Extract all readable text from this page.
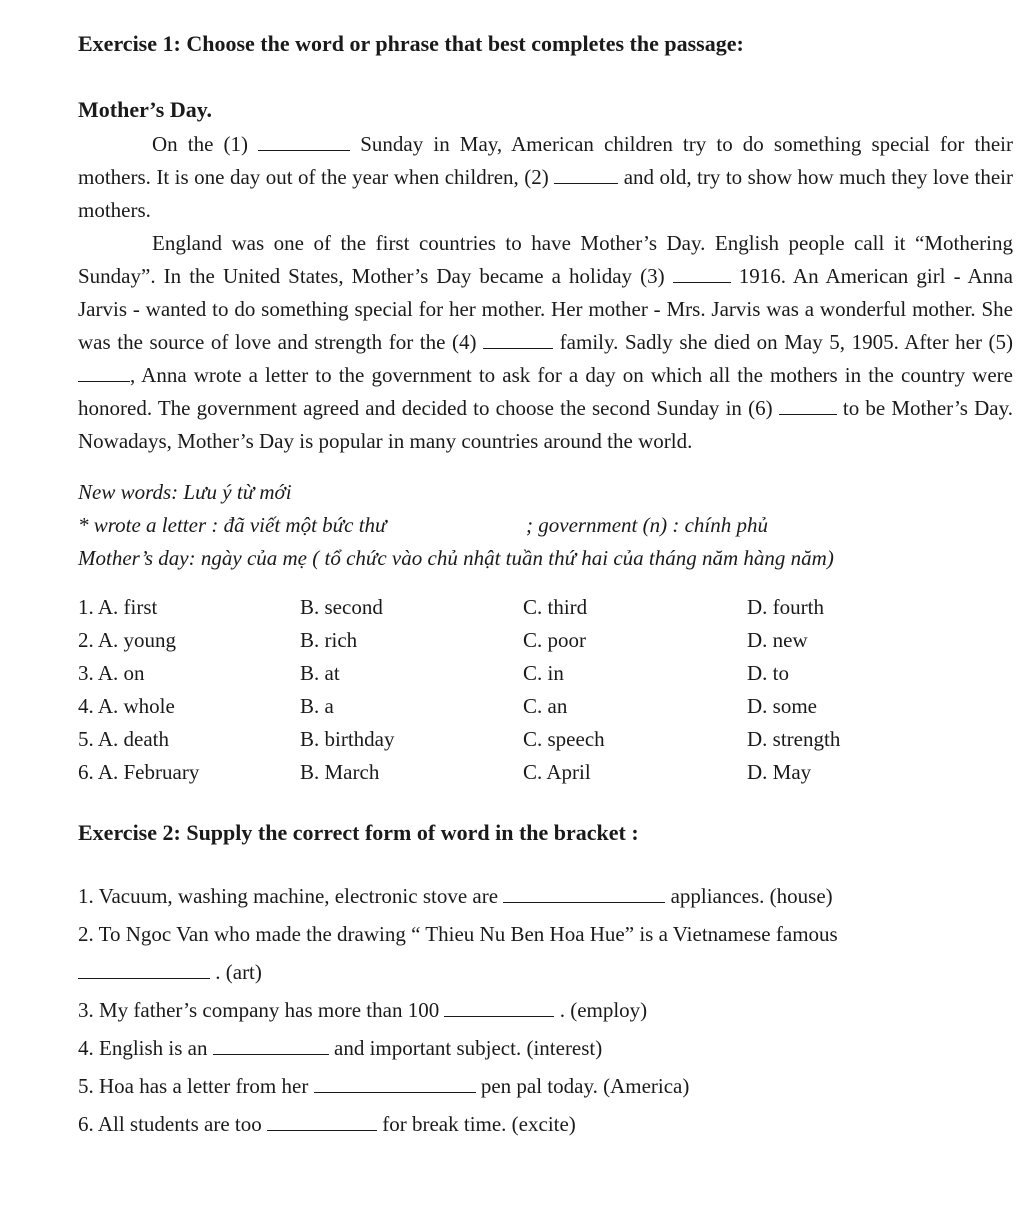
Exercise 1: Choose the word or phrase that best completes the passage:
Mother’s Day.

On the (1)	Sunday in May, American children try to do something special for their mothers. It is one day out of the year when children, (2)	and old, try to show how much they love their mothers.

England was one of the first countries to have Mother’s Day. English people call it “Mothering Sunday”. In the United States, Mother’s Day became a holiday (3)	1916. An American girl - Anna Jarvis - wanted to do something special for her mother. Her mother - Mrs. Jarvis was a wonderful mother. She was the source of love and strength for the (4)	family. Sadly she died on May 5, 1905. After her (5) , Anna wrote a letter to the government to ask for a day on which all the mothers in the country were honored. The government agreed and decided to choose the second Sunday in (6)	to be Mother’s Day. Nowadays, Mother’s Day is popular in many countries around the world.

New words: Lưu ý từ mới
* wrote a letter : đã viết một bức thư	; government (n) : chính phủ
Mother’s day: ngày của mẹ ( tổ chức vào chủ nhật tuần thứ hai của tháng năm hàng năm)
1. A. first	B. second	C. third	D. fourth
2. A. young	B. rich	C. poor	D. new
3. A. on	B. at	C. in	D. to
4. A. whole	B. a	C. an	D. some
5. A. death	B. birthday	C. speech	D. strength
6. A. February	B. March	C. April	D. May
Exercise 2: Supply the correct form of word in the bracket :
1. Vacuum, washing machine, electronic stove are	appliances. (house)
2. To Ngoc Van who made the drawing “ Thieu Nu Ben Hoa Hue” is a Vietnamese famous
. (art)
3. My father’s company has more than 100	. (employ)
4. English is an	and important subject. (interest)
5. Hoa has a letter from her	pen pal today. (America)
6. All students are too	for break time. (excite)
